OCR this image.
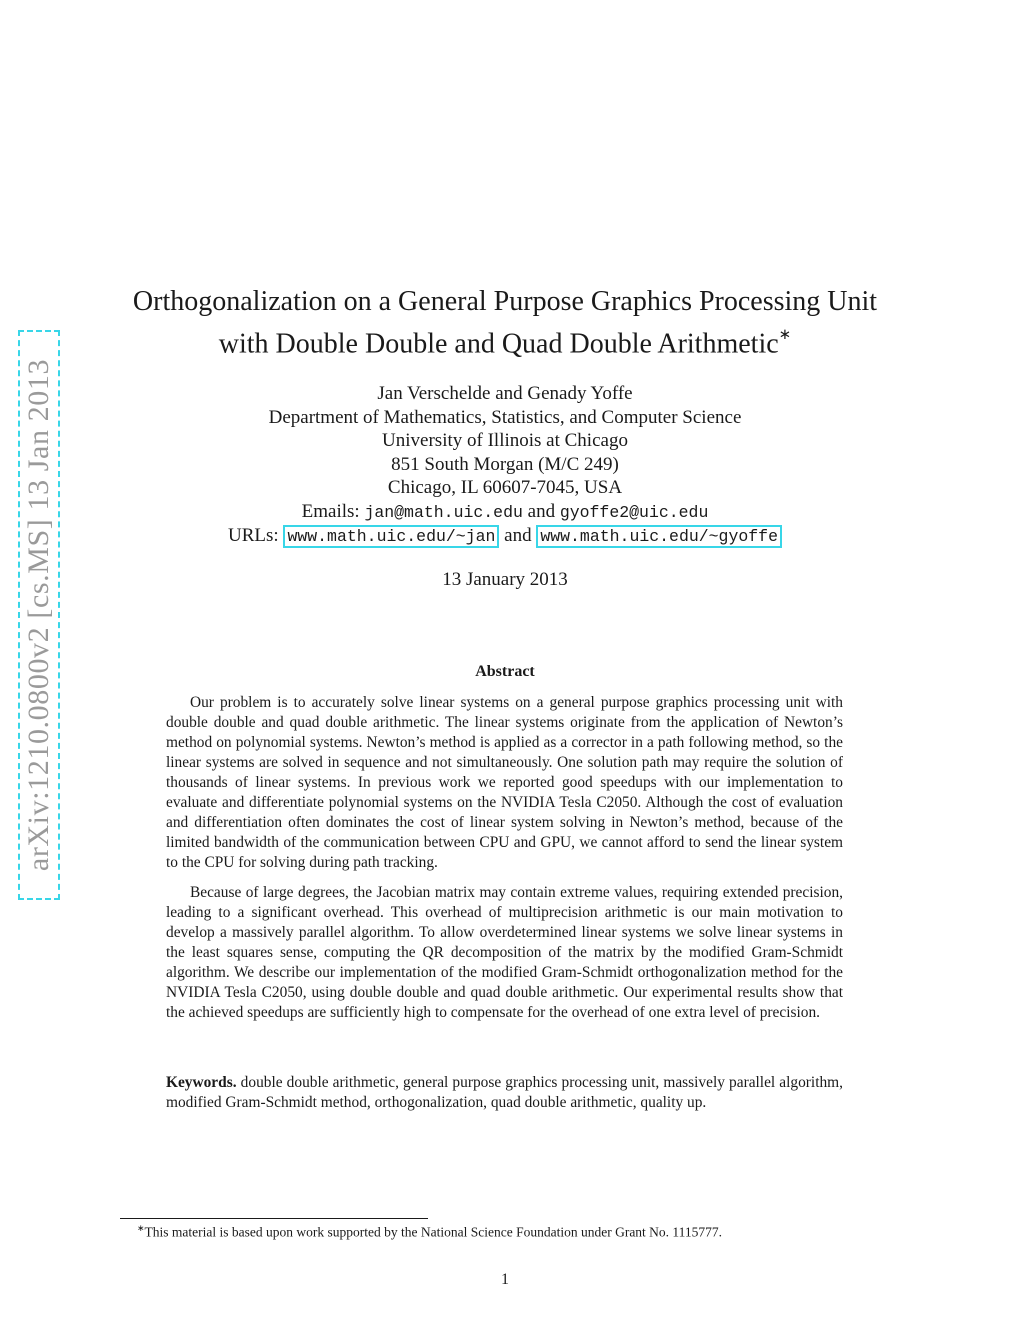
arXiv:1210.0800v2 [cs.MS] 13 Jan 2013
Orthogonalization on a General Purpose Graphics Processing Unit
with Double Double and Quad Double Arithmetic∗
Jan Verschelde and Genady Yoffe
Department of Mathematics, Statistics, and Computer Science
University of Illinois at Chicago
851 South Morgan (M/C 249)
Chicago, IL 60607-7045, USA
Emails: jan@math.uic.edu and gyoffe2@uic.edu
URLs: www.math.uic.edu/~jan and www.math.uic.edu/~gyoffe
13 January 2013
Abstract

Our problem is to accurately solve linear systems on a general purpose graphics processing unit with double double and quad double arithmetic. The linear systems originate from the application of Newton’s method on polynomial systems. Newton’s method is applied as a corrector in a path following method, so the linear systems are solved in sequence and not simultaneously. One solution path may require the solution of thousands of linear systems. In previous work we reported good speedups with our implementation to evaluate and differentiate polynomial systems on the NVIDIA Tesla C2050. Although the cost of evaluation and differentiation often dominates the cost of linear system solving in Newton’s method, because of the limited bandwidth of the communication between CPU and GPU, we cannot afford to send the linear system to the CPU for solving during path tracking.

Because of large degrees, the Jacobian matrix may contain extreme values, requiring extended precision, leading to a significant overhead. This overhead of multiprecision arithmetic is our main motivation to develop a massively parallel algorithm. To allow overdetermined linear systems we solve linear systems in the least squares sense, computing the QR decomposition of the matrix by the modified Gram-Schmidt algorithm. We describe our implementation of the modified Gram-Schmidt orthogonalization method for the NVIDIA Tesla C2050, using double double and quad double arithmetic. Our experimental results show that the achieved speedups are sufficiently high to compensate for the overhead of one extra level of precision.

Keywords. double double arithmetic, general purpose graphics processing unit, massively parallel algorithm, modified Gram-Schmidt method, orthogonalization, quad double arithmetic, quality up.
∗This material is based upon work supported by the National Science Foundation under Grant No. 1115777.
1
